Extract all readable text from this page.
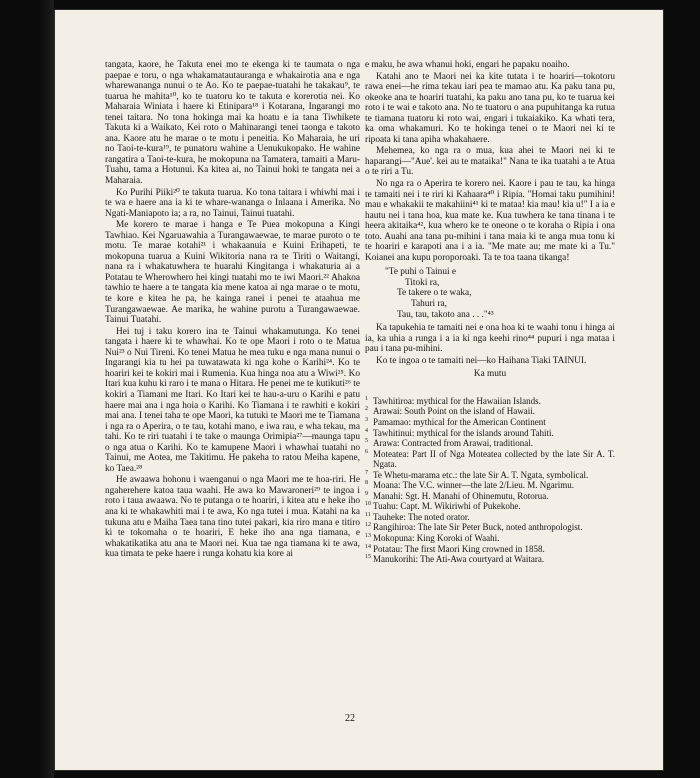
tangata, kaore, he Takuta enei mo te ekenga ki te taumata o nga paepae e toru, o nga whakamatautauranga e whakairotia ana e nga wharewananga nunui o te Ao. Ko te paepae-tuatahi he takakau⁹, te tuarua he mahita¹⁰, ko te tuatoru ko te takuta e korerotia nei. Ko Maharaia Winiata i haere ki Etinipara¹⁸ i Kotarana, Ingarangi mo tenei taitara. No tona hokinga mai ka hoatu e ia tana Tiwhikete Takuta ki a Waikato, Kei roto o Mahinarangi tenei taonga e takoto ana. Kaore atu he marae o te motu i peneitia. Ko Maharaia, he uri no Taoi-te-kura¹⁹, te punatoru wahine a Uenukukopako. He wahine rangatira a Taoi-te-kura, he mokopuna na Tamatera, tamaiti a Maru-Tuahu, tama a Hotunui. Ka kitea ai, no Tainui hoki te tangata nei a Maharaia.

Ko Purihi Piiki²⁰ te takuta tuarua. Ko tona taitara i whiwhi mai i te wa e haere ana ia ki te whare-wananga o Inlaana i Amerika. No Ngati-Maniapoto ia; a ra, no Tainui, Tainui tuatahi.

Me korero te marae i hanga e Te Puea mokopuna a Kingi Tawhiao. Kei Ngaruawahia a Turangawaewae, te marae puroto o te motu. Te marae kotahi²¹ i whakaanuia e Kuini Erihapeti, te mokopuna tuarua a Kuini Wikitoria nana ra te Tiriti o Waitangi, nana ra i whakatuwhera te huarahi Kingitanga i whakaturia ai a Potatau te Wherowhero hei kingi tuatahi mo te iwi Maori.²² Ahakoa tawhio te haere a te tangata kia mene katoa ai nga marae o te motu, te kore e kitea he pa, he kainga ranei i penei te ataahua me Turangawaewae. Ae marika, he wahine purotu a Turangawaewae. Tainui Tuatahi.

Hei tuj i taku korero ina te Tainui whakamutunga. Ko tenei tangata i haere ki te whawhai. Ko te ope Maori i roto o te Matua Nui²³ o Nui Tireni. Ko tenei Matua he mea tuku e nga mana nunui o Ingarangi kia tu hei pa tuwatawata ki nga kohe o Karihi²⁴. Ko te hoariri kei te kokiri mai i Rumenia. Kua hinga noa atu a Wiwi²⁵. Ko Itari kua kuhu ki raro i te mana o Hitara. He penei me te kutikuti²⁶ te kokiri a Tiamani me Itari. Ko Itari kei te hau-a-uru o Karihi e patu haere mai ana i nga hoia o Karihi. Ko Tiamana i te rawhiti e kokiri mai ana. I tenei taha te ope Maori, ka tutuki te Maori me te Tiamana i nga ra o Aperira, o te tau, kotahi mano, e iwa rau, e wha tekau, ma tahi. Ko te riri tuatahi i te take o maunga Orimipia²⁷—maunga tapu o nga atua o Karihi. Ko te kamupene Maori i whawhai tuatahi no Tainui, me Aotea, me Takitimu. He pakeha to ratou Meiha kapene, ko Taea.²⁸

He awaawa hohonu i waenganui o nga Maori me te hoa-riri. He ngaherehere katoa taua waahi. He awa ko Mawaroneri²⁹ te ingoa i roto i taua awaawa. No te putanga o te hoariri, i kitea atu e heke iho ana ki te whakawhiti mai i te awa, Ko nga tutei i mua. Katahi na ka tukuna atu e Maiha Taea tana tino tutei pakari, kia riro mana e titiro ki te tokomaha o te hoariri, E heke iho ana nga tiamana, e whakatikatika atu ana te Maori nei. Kua tae nga tiamana ki te awa, kua timata te peke haere i runga kohatu kia kore ai

e maku, he awa whanui hoki, engari he papaku noaiho.

Katahi ano te Maori nei ka kite tutata i te hoariri—tokotoru rawa enei—he rima tekau iari pea te mamao atu. Ka paku tana pu, okeoke ana te hoariri tuatahi, ka paku ano tana pu, ko te tuarua kei roto i te wai e takoto ana. No te tuatoru o ana pupuhitanga ka rutua te tiamana tuatoru ki roto wai, engari i tukaiakiko. Ka whati tera, ka oma whakamuri. Ko te hokinga tenei o te Maori nei ki te ripoata ki tana apiha whakahaere.

Mehemea, ko nga ra o mua, kua ahei te Maori nei ki te haparangi—"Aue'. kei au te mataika!" Nana te ika tuatahi a te Atua o te riri a Tu.

No nga ra o Aperira te korero nei. Kaore i pau te tau, ka hinga te tamaiti nei i te riri ki Kahaara⁴⁰ i Ripia. "Homai taku pumihini! mau e whakakii te makahiini⁴¹ ki te mataa! kia mau! kia u!" I a ia e hautu nei i tana hoa, kua mate ke. Kua tuwhera ke tana tinana i te heera akitaika⁴², kua whero ke te oneone o te koraha o Ripia i ona toto. Auahi ana tana pu-mihini i tana maia ki te anga mua tonu ki te hoariri e karapoti ana i a ia. "Me mate au; me mate ki a Tu." Koianei ana kupu poroporoaki. Ta te toa taana tikanga!

"Te puhi o Tainui e
Titoki ra,
Te takere o te waka,
Tahuri ra,
Tau, tau, takoto ana . . ."⁴³

Ka tapukehia te tamaiti nei e ona hoa ki te waahi tonu i hinga ai ia, ka uhia a runga i a ia ki nga keehi rino⁴⁴ pupuri i nga mataa i pau i tana pu-mihini.

Ko te ingoa o te tamaiti nei—ko Haihana Tiaki TAINUI.

Ka mutu
1 Tawhitiroa: mythical for the Hawaiian Islands.
2 Arawai: South Point on the island of Hawaii.
3 Pamamao: mythical for the American Continent
4 Tawhitinui: mythical for the islands around Tahiti.
5 Arawa: Contracted from Arawai, traditional.
6 Moteatea: Part II of Nga Moteatea collected by the late Sir A. T. Ngata.
7 Te Whetu-marama etc.: the late Sir A. T. Ngata, symbolical.
8 Moana: The V.C. winner—the late 2/Lieu. M. Ngarimu.
9 Manahi: Sgt. H. Manahi of Ohinemutu, Rotorua.
10 Tuahu: Capt. M. Wikiriwhi of Pukekohe.
11 Tauheke: The noted orator.
12 Rangihiroa: The late Sir Peter Buck, noted anthropologist.
13 Mokopuna: King Koroki of Waahi.
14 Potatau: The first Maori King crowned in 1858.
15 Manukorihi: The Ati-Awa courtyard at Waitara.
22
